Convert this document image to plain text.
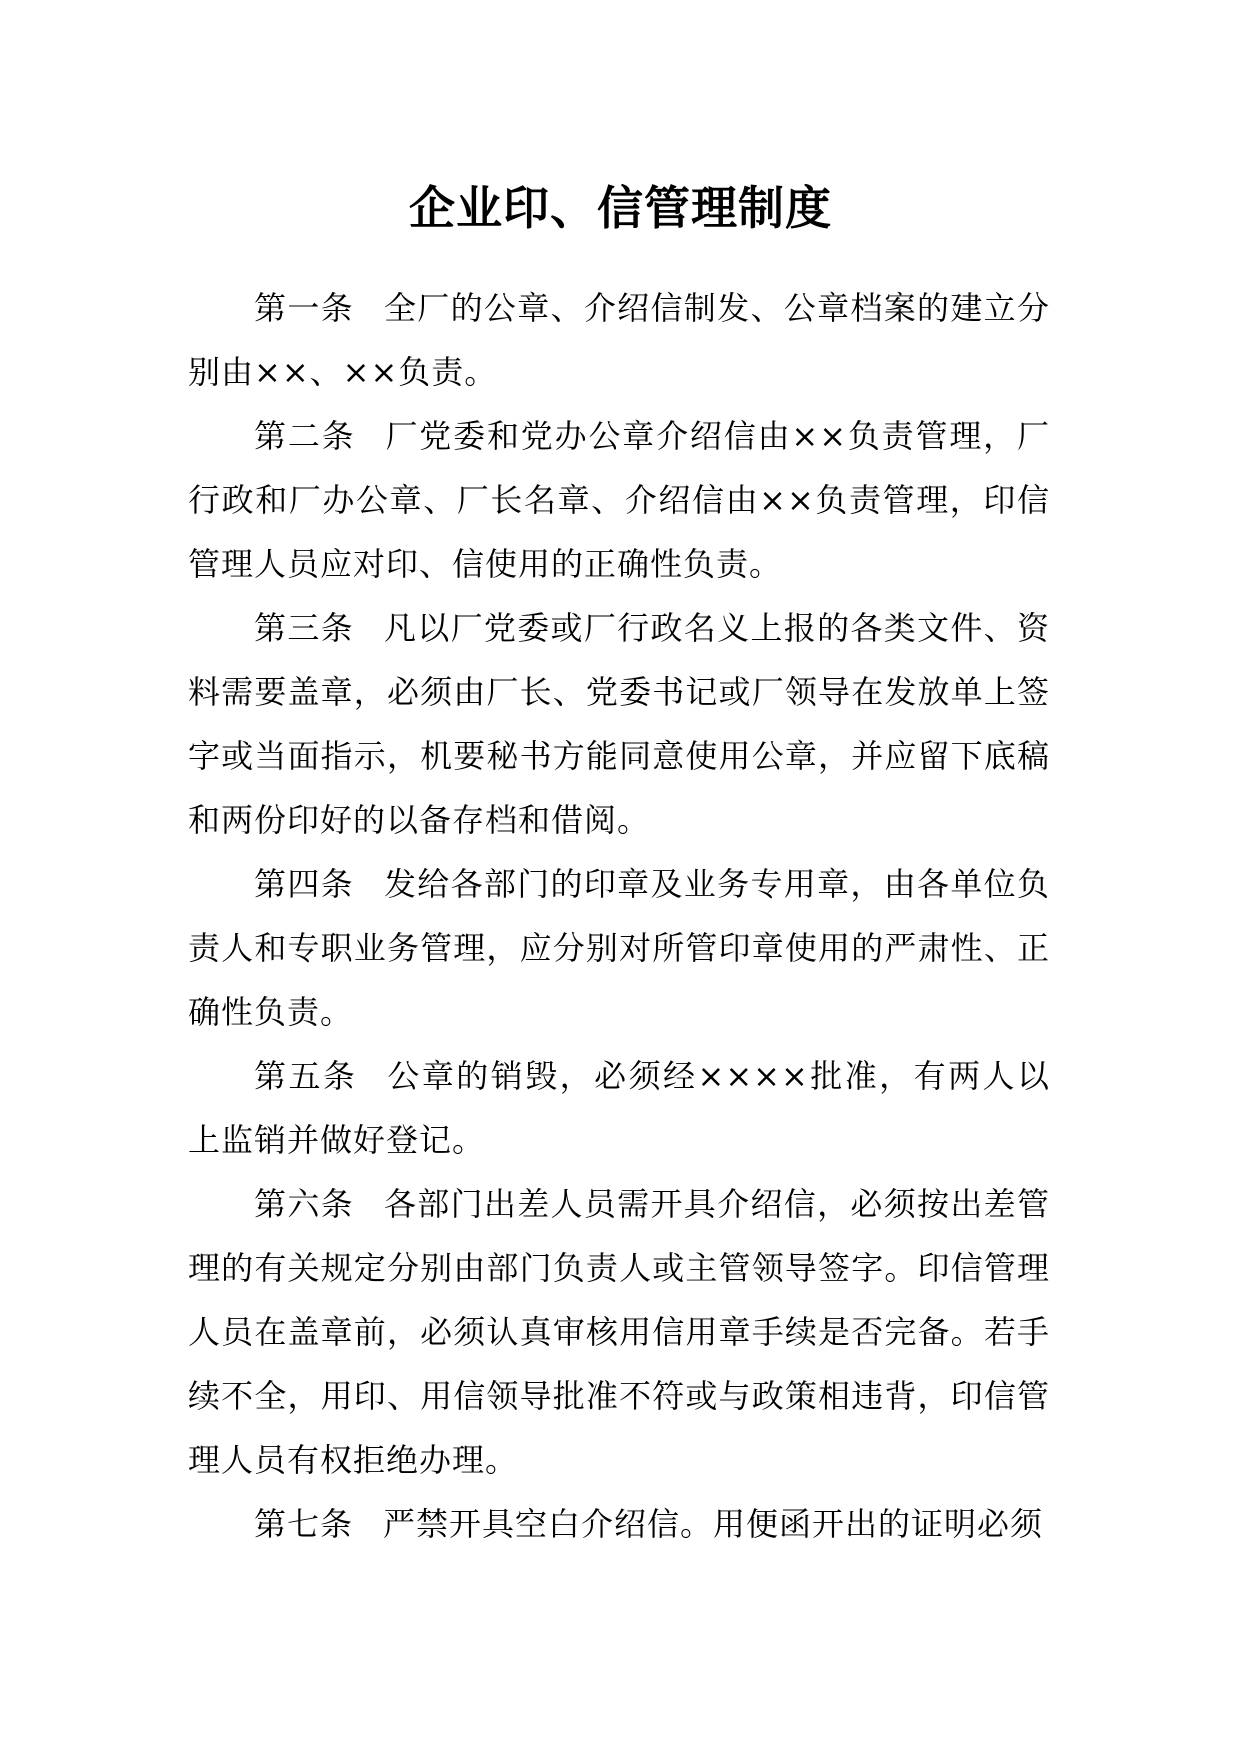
企业印、信管理制度

第一条 全厂的公章、介绍信制发、公章档案的建立分别由××、××负责。

第二条 厂党委和党办公章介绍信由××负责管理，厂行政和厂办公章、厂长名章、介绍信由××负责管理，印信管理人员应对印、信使用的正确性负责。

第三条 凡以厂党委或厂行政名义上报的各类文件、资料需要盖章，必须由厂长、党委书记或厂领导在发放单上签字或当面指示，机要秘书方能同意使用公章，并应留下底稿和两份印好的以备存档和借阅。

第四条 发给各部门的印章及业务专用章，由各单位负责人和专职业务管理，应分别对所管印章使用的严肃性、正确性负责。

第五条 公章的销毁，必须经××××批准，有两人以上监销并做好登记。

第六条 各部门出差人员需开具介绍信，必须按出差管理的有关规定分别由部门负责人或主管领导签字。印信管理人员在盖章前，必须认真审核用信用章手续是否完备。若手续不全，用印、用信领导批准不符或与政策相违背，印信管理人员有权拒绝办理。

第七条 严禁开具空白介绍信。用便函开出的证明必须
